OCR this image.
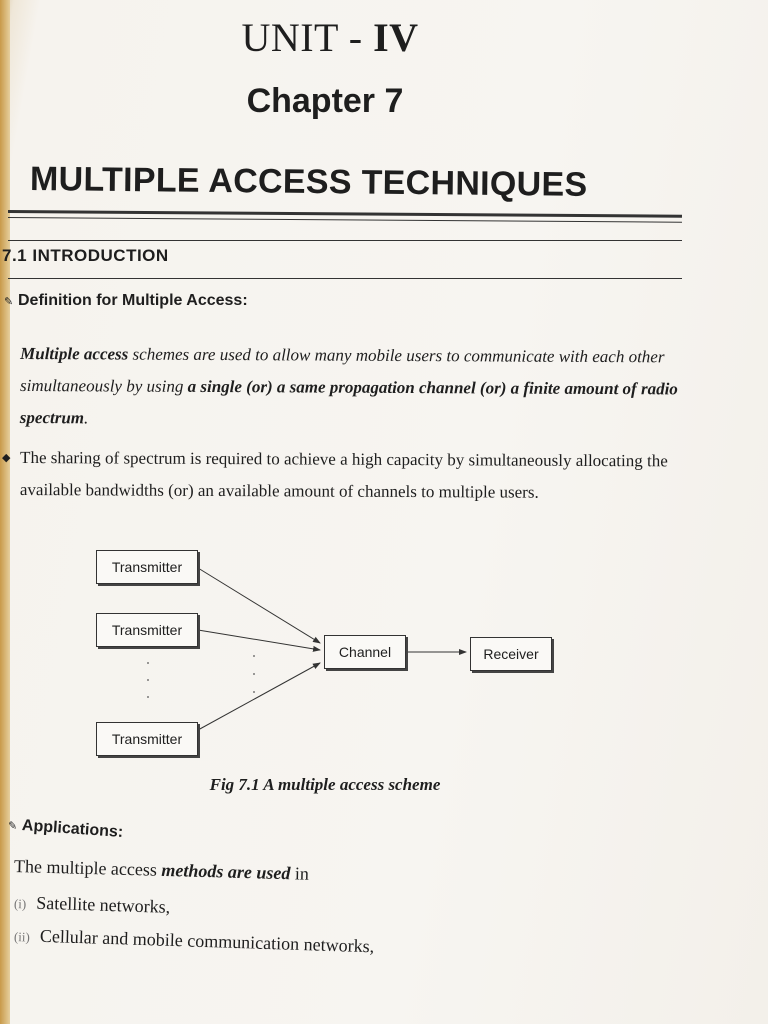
UNIT - IV
Chapter 7
MULTIPLE ACCESS TECHNIQUES
7.1 INTRODUCTION
✎ Definition for Multiple Access:
Multiple access schemes are used to allow many mobile users to communicate with each other simultaneously by using a single (or) a same propagation channel (or) a finite amount of radio spectrum.
◆ The sharing of spectrum is required to achieve a high capacity by simultaneously allocating the available bandwidths (or) an available amount of channels to multiple users.
Transmitter
Transmitter
Transmitter
Channel	Receiver
Fig 7.1 A multiple access scheme
✎ Applications:
The multiple access methods are used in
(i) Satellite networks,
(ii) Cellular and mobile communication networks,
